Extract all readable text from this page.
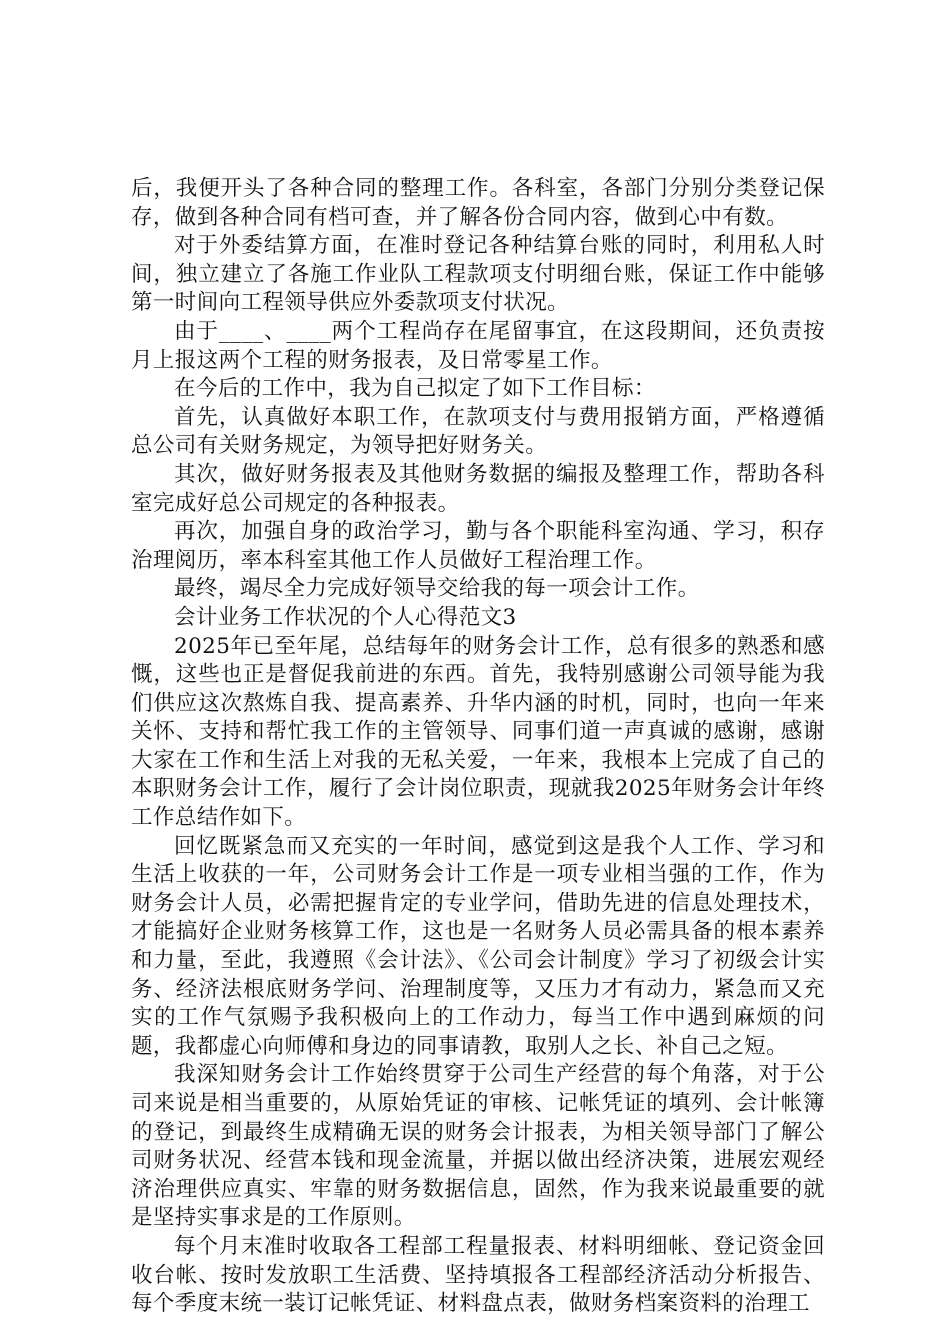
后，我便开头了各种合同的整理工作。各科室，各部门分别分类登记保存，做到各种合同有档可查，并了解各份合同内容，做到心中有数。

对于外委结算方面，在准时登记各种结算台账的同时，利用私人时间，独立建立了各施工作业队工程款项支付明细台账，保证工作中能够第一时间向工程领导供应外委款项支付状况。

由于____、____两个工程尚存在尾留事宜，在这段期间，还负责按月上报这两个工程的财务报表，及日常零星工作。

在今后的工作中，我为自己拟定了如下工作目标：

首先，认真做好本职工作，在款项支付与费用报销方面，严格遵循总公司有关财务规定，为领导把好财务关。

其次，做好财务报表及其他财务数据的编报及整理工作，帮助各科室完成好总公司规定的各种报表。

再次，加强自身的政治学习，勤与各个职能科室沟通、学习，积存治理阅历，率本科室其他工作人员做好工程治理工作。

最终，竭尽全力完成好领导交给我的每一项会计工作。

会计业务工作状况的个人心得范文3

2025年已至年尾，总结每年的财务会计工作，总有很多的熟悉和感慨，这些也正是督促我前进的东西。首先，我特别感谢公司领导能为我们供应这次熬炼自我、提高素养、升华内涵的时机，同时，也向一年来关怀、支持和帮忙我工作的主管领导、同事们道一声真诚的感谢，感谢大家在工作和生活上对我的无私关爱，一年来，我根本上完成了自己的本职财务会计工作，履行了会计岗位职责，现就我2025年财务会计年终工作总结作如下。

回忆既紧急而又充实的一年时间，感觉到这是我个人工作、学习和生活上收获的一年，公司财务会计工作是一项专业相当强的工作，作为财务会计人员，必需把握肯定的专业学问，借助先进的信息处理技术，才能搞好企业财务核算工作，这也是一名财务人员必需具备的根本素养和力量，至此，我遵照《会计法》、《公司会计制度》学习了初级会计实务、经济法根底财务学问、治理制度等，又压力才有动力，紧急而又充实的工作气氛赐予我积极向上的工作动力，每当工作中遇到麻烦的问题，我都虚心向师傅和身边的同事请教，取别人之长、补自己之短。

我深知财务会计工作始终贯穿于公司生产经营的每个角落，对于公司来说是相当重要的，从原始凭证的审核、记帐凭证的填列、会计帐簿的登记，到最终生成精确无误的财务会计报表，为相关领导部门了解公司财务状况、经营本钱和现金流量，并据以做出经济决策，进展宏观经济治理供应真实、牢靠的财务数据信息，固然，作为我来说最重要的就是坚持实事求是的工作原则。

每个月末准时收取各工程部工程量报表、材料明细帐、登记资金回收台帐、按时发放职工生活费、坚持填报各工程部经济活动分析报告、每个季度末统一装订记帐凭证、材料盘点表，做财务档案资料的治理工
